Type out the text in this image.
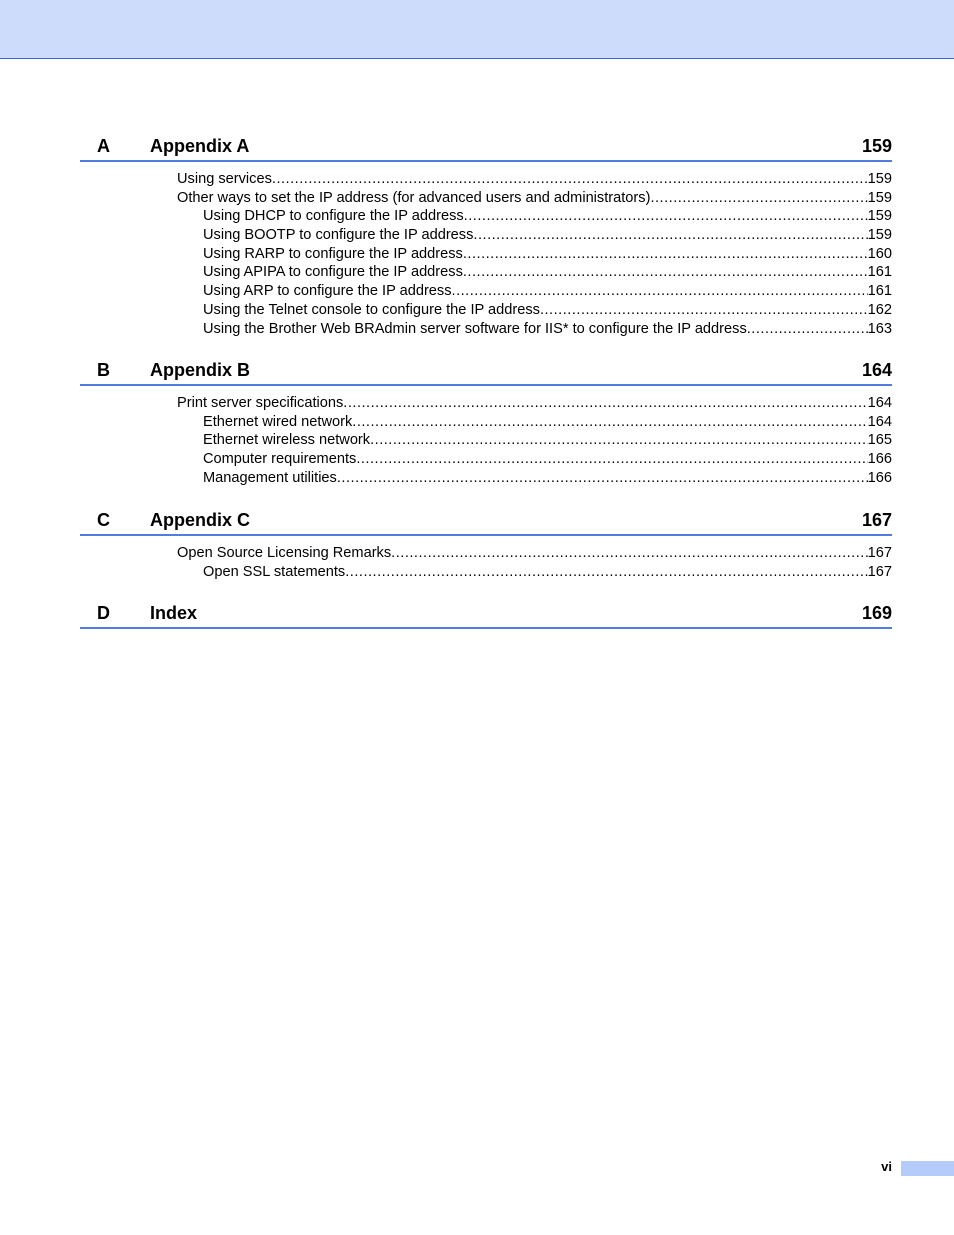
A Appendix A	159
Using services .....	159
Other ways to set the IP address (for advanced users and administrators) .....	159
Using DHCP to configure the IP address .....	159
Using BOOTP to configure the IP address .....	159
Using RARP to configure the IP address .....	160
Using APIPA to configure the IP address .....	161
Using ARP to configure the IP address .....	161
Using the Telnet console to configure the IP address .....	162
Using the Brother Web BRAdmin server software for IIS* to configure the IP address .....	163
B Appendix B	164
Print server specifications .....	164
Ethernet wired network .....	164
Ethernet wireless network .....	165
Computer requirements .....	166
Management utilities .....	166
C Appendix C	167
Open Source Licensing Remarks .....	167
Open SSL statements .....	167
D Index	169
vi
